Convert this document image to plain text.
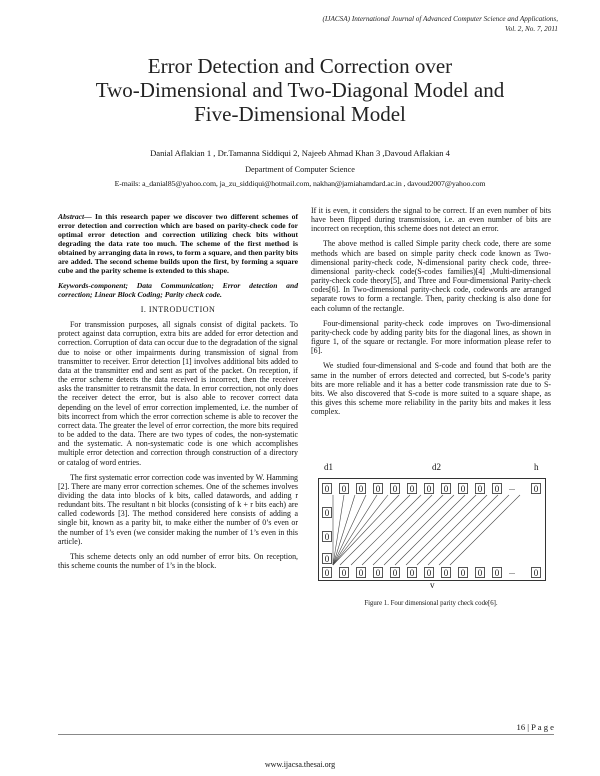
(IJACSA) International Journal of Advanced Computer Science and Applications,
Vol. 2, No. 7, 2011
Error Detection and Correction over
Two-Dimensional and Two-Diagonal Model and
Five-Dimensional Model
Danial Aflakian 1 , Dr.Tamanna Siddiqui 2, Najeeb Ahmad Khan 3 ,Davoud Aflakian 4
Department of Computer Science
E-mails: a_danial85@yahoo.com, ja_zu_siddiqui@hotmail.com, nakhan@jamiahamdard.ac.in , davoud2007@yahoo.com
Abstract— In this research paper we discover two different schemes of error detection and correction which are based on parity-check code for optimal error detection and correction utilizing check bits without degrading the data rate too much. The scheme of the first method is obtained by arranging data in rows, to form a square, and then parity bits are added. The second scheme builds upon the first, by forming a square cube and the parity scheme is extended to this shape.
Keywords-component; Data Communication; Error detection and correction; Linear Block Coding; Parity check code.
I. INTRODUCTION

For transmission purposes, all signals consist of digital packets. To protect against data corruption, extra bits are added for error detection and correction. Corruption of data can occur due to the degradation of the signal due to noise or other impairments during transmission of signal from transmitter to receiver. Error detection [1] involves additional bits added to data at the transmitter end and sent as part of the packet. On reception, if the error scheme detects the data received is incorrect, then the receiver asks the transmitter to retransmit the data. In error correction, not only does the receiver detect the error, but is also able to recover correct data depending on the level of error correction implemented, i.e. the number of bits incorrect from which the error correction scheme is able to recover the correct data. The greater the level of error correction, the more bits required to be added to the data. There are two types of codes, the non-systematic and the systematic. A non-systematic code is one which accomplishes multiple error detection and correction through construction of a directory or catalog of word entries.

The first systematic error correction code was invented by W. Hamming [2]. There are many error correction schemes. One of the schemes involves dividing the data into blocks of k bits, called datawords, and adding r redundant bits. The resultant n bit blocks (consisting of k + r bits each) are called codewords [3]. The method considered here consists of adding a single bit, known as a parity bit, to make either the number of 0’s even or the number of 1’s even (we consider making the number of 1’s even in this article).

This scheme detects only an odd number of error bits. On reception, this scheme counts the number of 1’s in the block.

If it is even, it considers the signal to be correct. If an even number of bits have been flipped during transmission, i.e. an even number of bits are incorrect on reception, this scheme does not detect an error.

The above method is called Simple parity check code, there are some methods which are based on simple parity check code known as Two-dimensional parity-check code, N-dimensional parity check code, three-dimensional parity-check code(S-codes families)[4] ,Multi-dimensional parity-check code theory[5], and Three and Four-dimensional Parity-check codes[6]. In Two-dimensional parity-check code, codewords are arranged separate rows to form a rectangle. Then, parity checking is also done for each column of the rectangle.

Four-dimensional parity-check code improves on Two-dimensional parity-check code by adding parity bits for the diagonal lines, as shown in figure 1, of the square or rectangle. For more information please refer to [6].

We studied four-dimensional and S-code and found that both are the same in the number of errors detected and corrected, but S-code’s parity bits are more reliable and it has a better code transmission rate due to S-bits. We also discovered that S-code is more suited to a square shape, as this gives this scheme more reliability in the parity bits and makes it less complex.

d1	d2	h
0	0	0	0	0	0	0	0	0	0	0	...	0
0
0
0
0	0	0	0	0	0	0	0	0	0	0	...	0
v
Figure 1. Four dimensional parity check code[6].
16 | P a g e
www.ijacsa.thesai.org
